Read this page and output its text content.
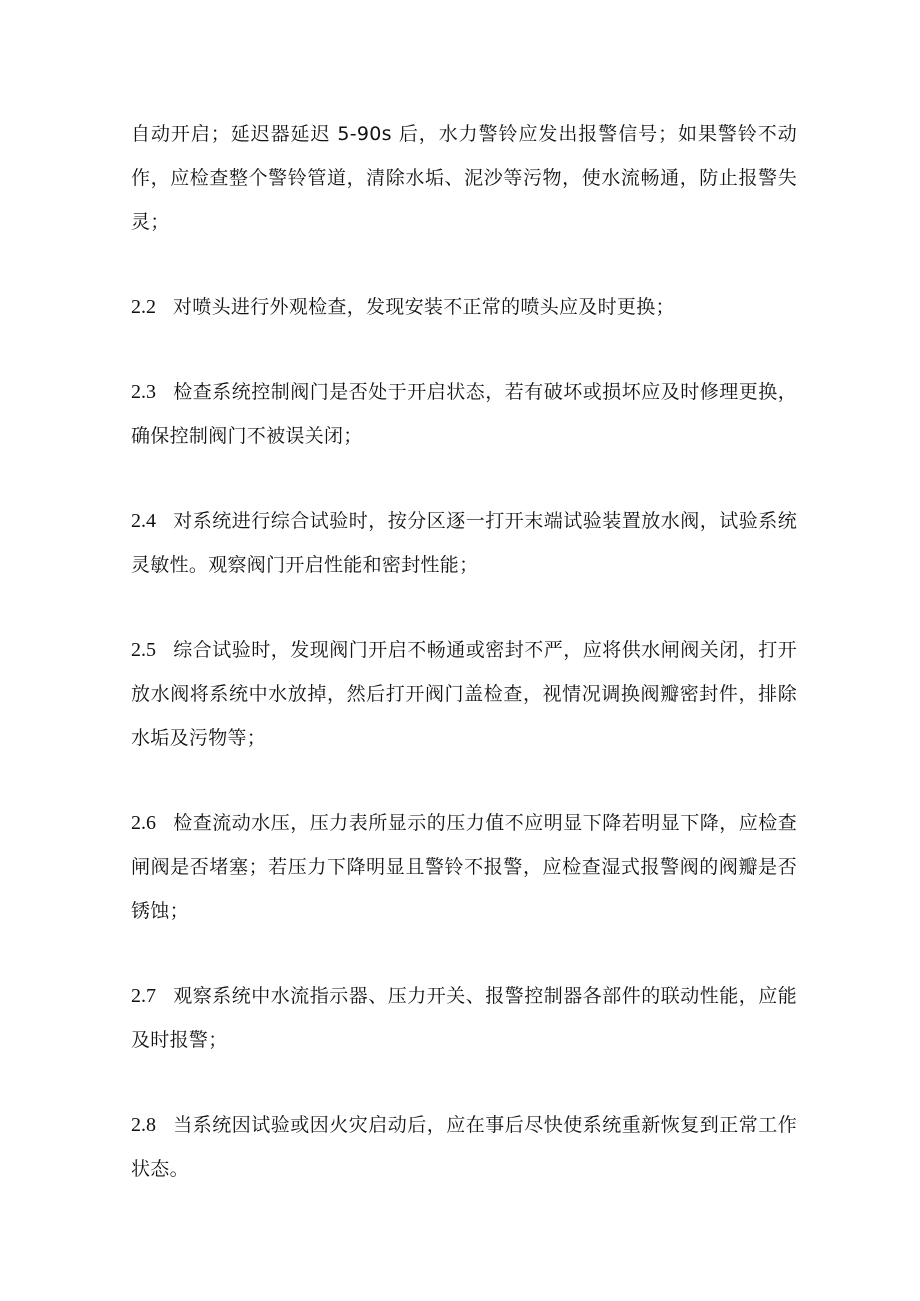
自动开启；延迟器延迟 5-90s 后，水力警铃应发出报警信号；如果警铃不动作，应检查整个警铃管道，清除水垢、泥沙等污物，使水流畅通，防止报警失灵；

2.2 对喷头进行外观检查，发现安装不正常的喷头应及时更换；

2.3 检查系统控制阀门是否处于开启状态，若有破坏或损坏应及时修理更换，确保控制阀门不被误关闭；

2.4 对系统进行综合试验时，按分区逐一打开末端试验装置放水阀，试验系统灵敏性。观察阀门开启性能和密封性能；

2.5 综合试验时，发现阀门开启不畅通或密封不严，应将供水闸阀关闭，打开放水阀将系统中水放掉，然后打开阀门盖检查，视情况调换阀瓣密封件，排除水垢及污物等；

2.6 检查流动水压，压力表所显示的压力值不应明显下降若明显下降，应检查闸阀是否堵塞；若压力下降明显且警铃不报警，应检查湿式报警阀的阀瓣是否锈蚀；

2.7 观察系统中水流指示器、压力开关、报警控制器各部件的联动性能，应能及时报警；

2.8 当系统因试验或因火灾启动后，应在事后尽快使系统重新恢复到正常工作状态。
